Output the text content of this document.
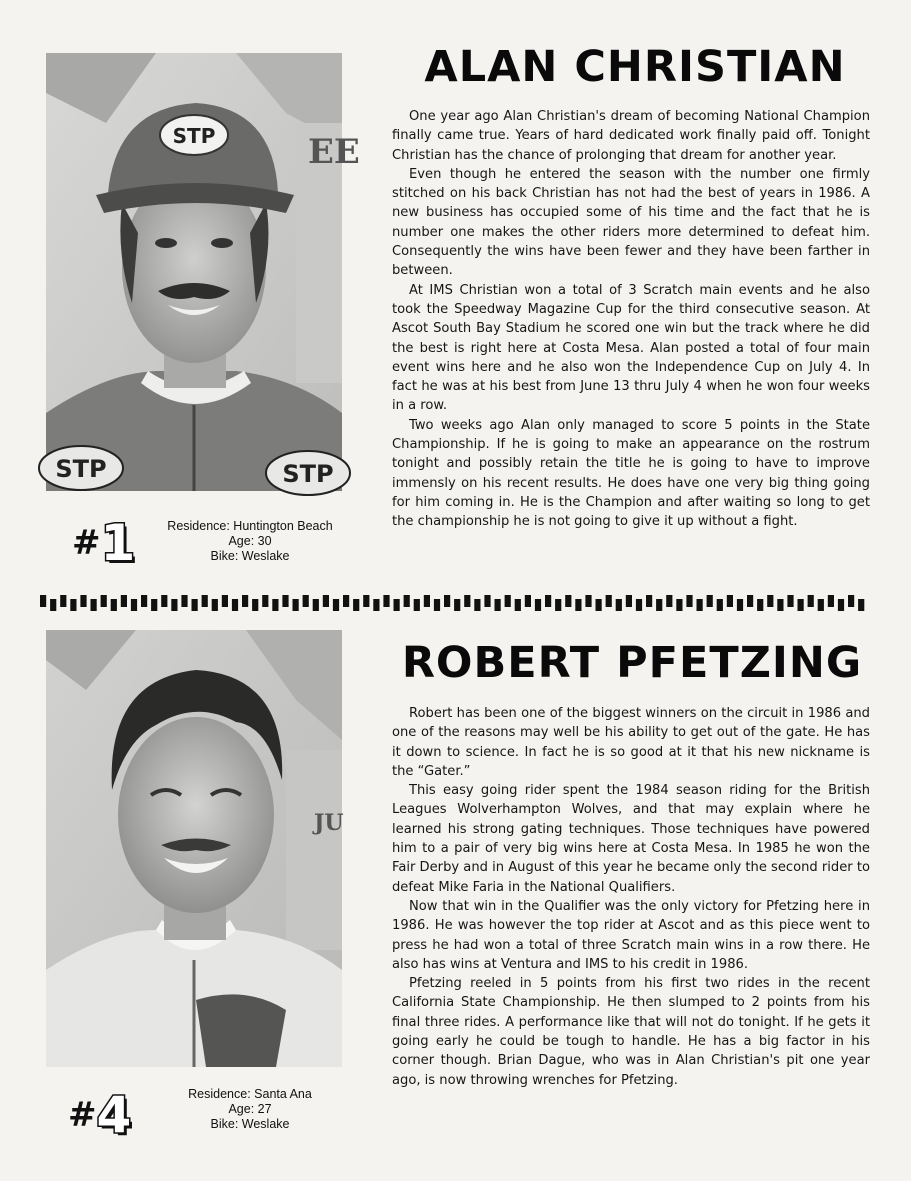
EE
STP
STP	STP
#1	Residence: Huntington Beach
Age: 30
Bike: Weslake
ALAN CHRISTIAN

One year ago Alan Christian's dream of becoming National Champion finally came true. Years of hard dedicated work finally paid off. Tonight Christian has the chance of prolonging that dream for another year.

Even though he entered the season with the number one firmly stitched on his back Christian has not had the best of years in 1986. A new business has occupied some of his time and the fact that he is number one makes the other riders more determined to defeat him. Consequently the wins have been fewer and they have been farther in between.

At IMS Christian won a total of 3 Scratch main events and he also took the Speedway Magazine Cup for the third consecutive season. At Ascot South Bay Stadium he scored one win but the track where he did the best is right here at Costa Mesa. Alan posted a total of four main event wins here and he also won the Independence Cup on July 4. In fact he was at his best from June 13 thru July 4 when he won four weeks in a row.

Two weeks ago Alan only managed to score 5 points in the State Championship. If he is going to make an appearance on the rostrum tonight and possibly retain the title he is going to have to improve immensly on his recent results. He does have one very big thing going for him coming in. He is the Champion and after waiting so long to get the championship he is not going to give it up without a fight.

JU
#4	Residence: Santa Ana
Age: 27
Bike: Weslake
ROBERT PFETZING

Robert has been one of the biggest winners on the circuit in 1986 and one of the reasons may well be his ability to get out of the gate. He has it down to science. In fact he is so good at it that his new nickname is the “Gater.”

This easy going rider spent the 1984 season riding for the British Leagues Wolverhampton Wolves, and that may explain where he learned his strong gating techniques. Those techniques have powered him to a pair of very big wins here at Costa Mesa. In 1985 he won the Fair Derby and in August of this year he became only the second rider to defeat Mike Faria in the National Qualifiers.

Now that win in the Qualifier was the only victory for Pfetzing here in 1986. He was however the top rider at Ascot and as this piece went to press he had won a total of three Scratch main wins in a row there. He also has wins at Ventura and IMS to his credit in 1986.

Pfetzing reeled in 5 points from his first two rides in the recent California State Championship. He then slumped to 2 points from his final three rides. A performance like that will not do tonight. If he gets it going early he could be tough to handle. He has a big factor in his corner though. Brian Dague, who was in Alan Christian's pit one year ago, is now throwing wrenches for Pfetzing.
